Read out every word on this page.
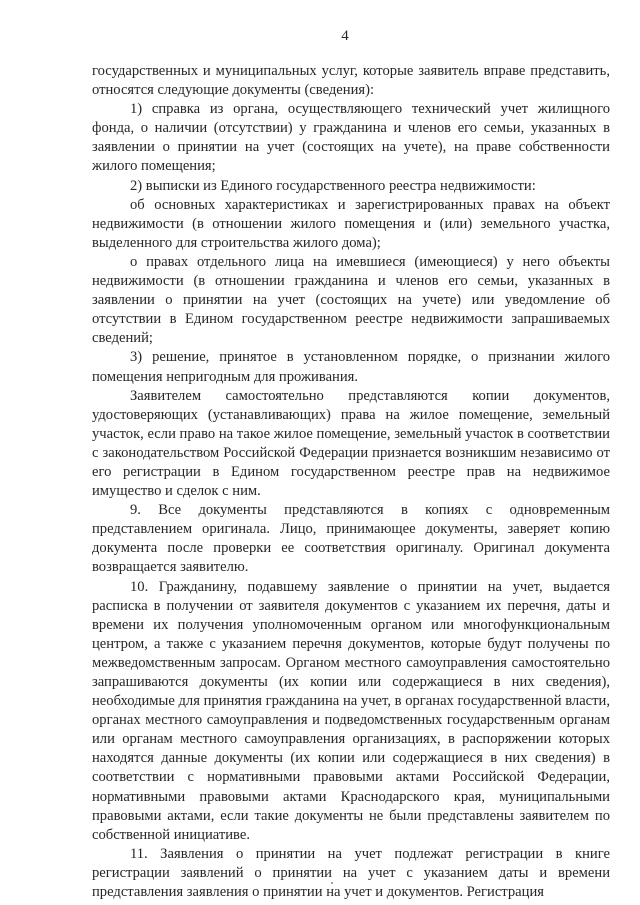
4

государственных и муниципальных услуг, которые заявитель вправе представить, относятся следующие документы (сведения):

1) справка из органа, осуществляющего технический учет жилищного фонда, о наличии (отсутствии) у гражданина и членов его семьи, указанных в заявлении о принятии на учет (состоящих на учете), на праве собственности жилого помещения;

2) выписки из Единого государственного реестра недвижимости:

об основных характеристиках и зарегистрированных правах на объект недвижимости (в отношении жилого помещения и (или) земельного участка, выделенного для строительства жилого дома);

о правах отдельного лица на имевшиеся (имеющиеся) у него объекты недвижимости (в отношении гражданина и членов его семьи, указанных в заявлении о принятии на учет (состоящих на учете) или уведомление об отсутствии в Едином государственном реестре недвижимости запрашиваемых сведений;

3) решение, принятое в установленном порядке, о признании жилого помещения непригодным для проживания.

Заявителем самостоятельно представляются копии документов, удостоверяющих (устанавливающих) права на жилое помещение, земельный участок, если право на такое жилое помещение, земельный участок в соответствии с законодательством Российской Федерации признается возникшим независимо от его регистрации в Едином государственном реестре прав на недвижимое имущество и сделок с ним.

9. Все документы представляются в копиях с одновременным представлением оригинала. Лицо, принимающее документы, заверяет копию документа после проверки ее соответствия оригиналу. Оригинал документа возвращается заявителю.

10. Гражданину, подавшему заявление о принятии на учет, выдается расписка в получении от заявителя документов с указанием их перечня, даты и времени их получения уполномоченным органом или многофункциональным центром, а также с указанием перечня документов, которые будут получены по межведомственным запросам. Органом местного самоуправления самостоятельно запрашиваются документы (их копии или содержащиеся в них сведения), необходимые для принятия гражданина на учет, в органах государственной власти, органах местного самоуправления и подведомственных государственным органам или органам местного самоуправления организациях, в распоряжении которых находятся данные документы (их копии или содержащиеся в них сведения) в соответствии с нормативными правовыми актами Российской Федерации, нормативными правовыми актами Краснодарского края, муниципальными правовыми актами, если такие документы не были представлены заявителем по собственной инициативе.

11. Заявления о принятии на учет подлежат регистрации в книге регистрации заявлений о принятии на учет с указанием даты и времени представления заявления о принятии на учет и документов. Регистрация
